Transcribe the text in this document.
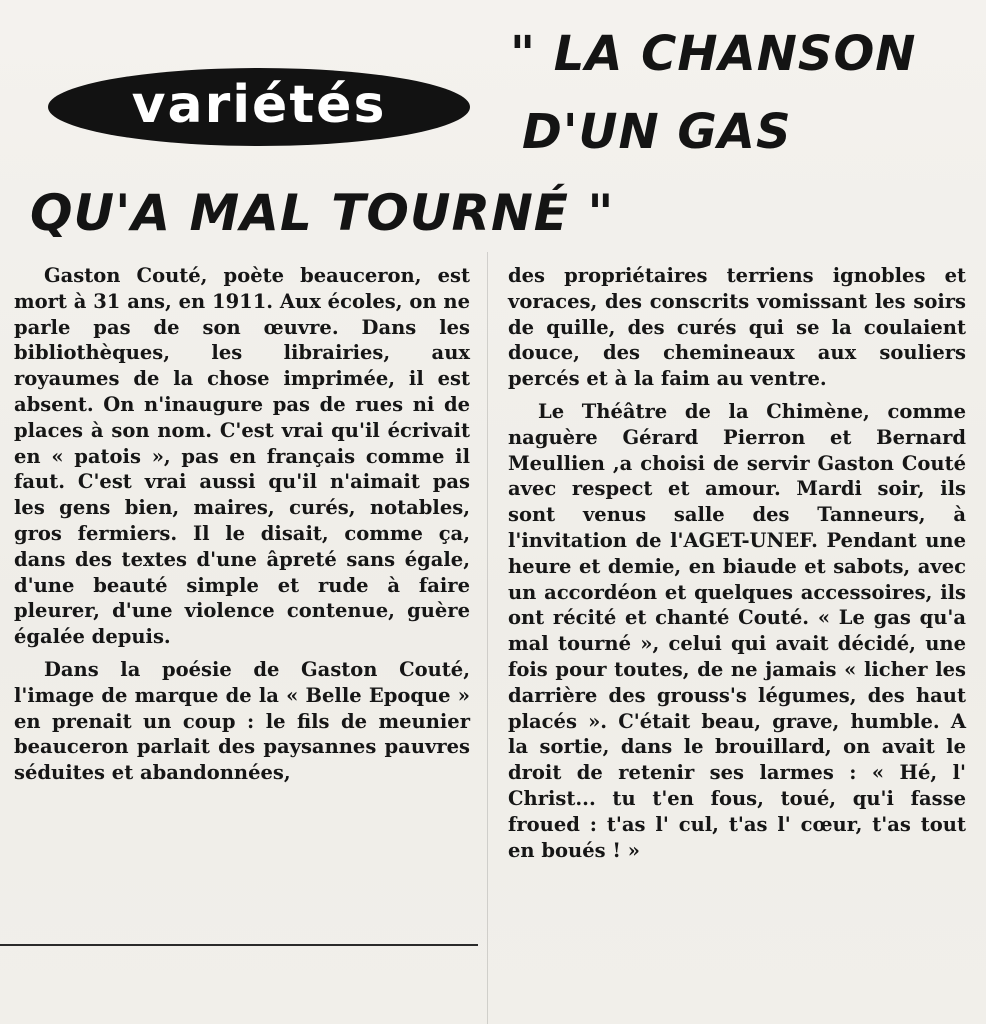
variétés
" LA CHANSON
D'UN GAS
QU'A MAL TOURNÉ "

Gaston Couté, poète beauceron, est mort à 31 ans, en 1911. Aux écoles, on ne parle pas de son œuvre. Dans les bibliothèques, les librairies, aux royaumes de la chose imprimée, il est absent. On n'inaugure pas de rues ni de places à son nom. C'est vrai qu'il écrivait en « patois », pas en français comme il faut. C'est vrai aussi qu'il n'aimait pas les gens bien, maires, curés, notables, gros fermiers. Il le disait, comme ça, dans des textes d'une âpreté sans égale, d'une beauté simple et rude à faire pleurer, d'une violence contenue, guère égalée depuis.

Dans la poésie de Gaston Couté, l'image de marque de la « Belle Epoque » en prenait un coup : le fils de meunier beauceron parlait des paysannes pauvres séduites et abandonnées,

des propriétaires terriens ignobles et voraces, des conscrits vomissant les soirs de quille, des curés qui se la coulaient douce, des chemineaux aux souliers percés et à la faim au ventre.

Le Théâtre de la Chimène, comme naguère Gérard Pierron et Bernard Meullien ,a choisi de servir Gaston Couté avec respect et amour. Mardi soir, ils sont venus salle des Tanneurs, à l'invitation de l'AGET-UNEF. Pendant une heure et demie, en biaude et sabots, avec un accordéon et quelques accessoires, ils ont récité et chanté Couté. « Le gas qu'a mal tourné », celui qui avait décidé, une fois pour toutes, de ne jamais « licher les darrière des grouss's légumes, des haut placés ». C'était beau, grave, humble. A la sortie, dans le brouillard, on avait le droit de retenir ses larmes : « Hé, l' Christ... tu t'en fous, toué, qu'i fasse froued : t'as l' cul, t'as l' cœur, t'as tout en boués ! »
